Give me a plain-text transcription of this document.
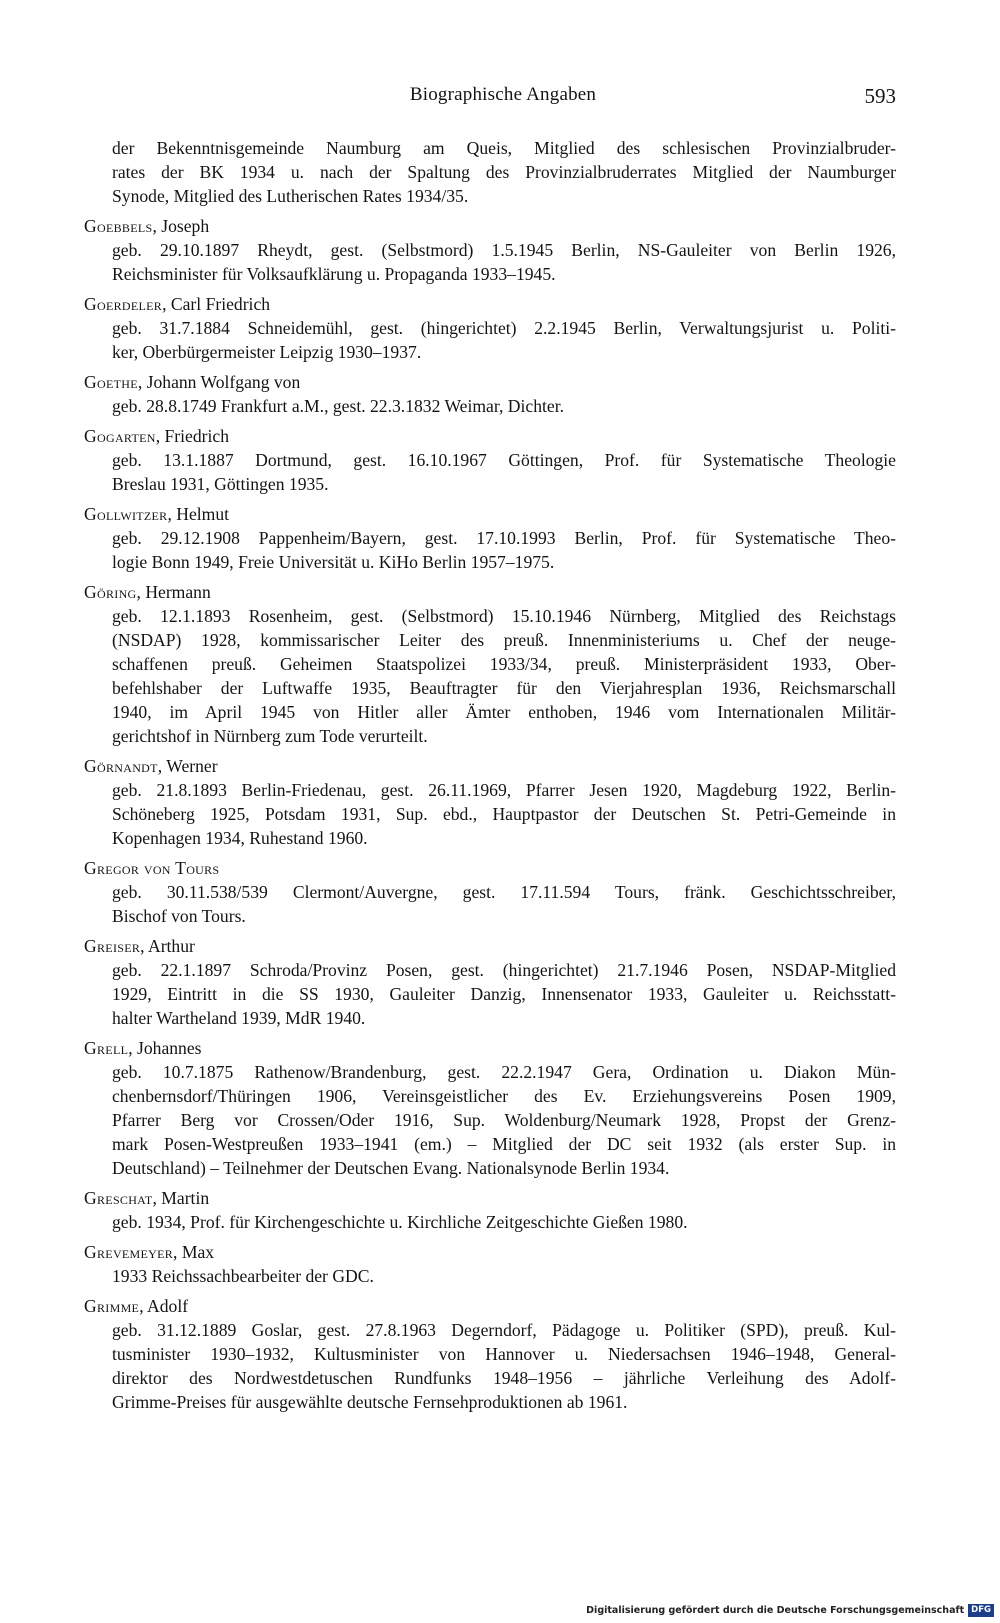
Biographische Angaben	593
der Bekenntnisgemeinde Naumburg am Queis, Mitglied des schlesischen Provinzialbruder-
rates der BK 1934 u. nach der Spaltung des Provinzialbruderrates Mitglied der Naumburger
Synode, Mitglied des Lutherischen Rates 1934/35.
Goebbels, Joseph
geb. 29.10.1897 Rheydt, gest. (Selbstmord) 1.5.1945 Berlin, NS-Gauleiter von Berlin 1926,
Reichsminister für Volksaufklärung u. Propaganda 1933–1945.
Goerdeler, Carl Friedrich
geb. 31.7.1884 Schneidemühl, gest. (hingerichtet) 2.2.1945 Berlin, Verwaltungsjurist u. Politi-
ker, Oberbürgermeister Leipzig 1930–1937.
Goethe, Johann Wolfgang von
geb. 28.8.1749 Frankfurt a.M., gest. 22.3.1832 Weimar, Dichter.
Gogarten, Friedrich
geb. 13.1.1887 Dortmund, gest. 16.10.1967 Göttingen, Prof. für Systematische Theologie
Breslau 1931, Göttingen 1935.
Gollwitzer, Helmut
geb. 29.12.1908 Pappenheim/Bayern, gest. 17.10.1993 Berlin, Prof. für Systematische Theo-
logie Bonn 1949, Freie Universität u. KiHo Berlin 1957–1975.
Göring, Hermann
geb. 12.1.1893 Rosenheim, gest. (Selbstmord) 15.10.1946 Nürnberg, Mitglied des Reichstags
(NSDAP) 1928, kommissarischer Leiter des preuß. Innenministeriums u. Chef der neuge-
schaffenen preuß. Geheimen Staatspolizei 1933/34, preuß. Ministerpräsident 1933, Ober-
befehlshaber der Luftwaffe 1935, Beauftragter für den Vierjahresplan 1936, Reichsmarschall
1940, im April 1945 von Hitler aller Ämter enthoben, 1946 vom Internationalen Militär-
gerichtshof in Nürnberg zum Tode verurteilt.
Görnandt, Werner
geb. 21.8.1893 Berlin-Friedenau, gest. 26.11.1969, Pfarrer Jesen 1920, Magdeburg 1922, Berlin-
Schöneberg 1925, Potsdam 1931, Sup. ebd., Hauptpastor der Deutschen St. Petri-Gemeinde in
Kopenhagen 1934, Ruhestand 1960.
Gregor von Tours
geb. 30.11.538/539 Clermont/Auvergne, gest. 17.11.594 Tours, fränk. Geschichtsschreiber,
Bischof von Tours.
Greiser, Arthur
geb. 22.1.1897 Schroda/Provinz Posen, gest. (hingerichtet) 21.7.1946 Posen, NSDAP-Mitglied
1929, Eintritt in die SS 1930, Gauleiter Danzig, Innensenator 1933, Gauleiter u. Reichsstatt-
halter Wartheland 1939, MdR 1940.
Grell, Johannes
geb. 10.7.1875 Rathenow/Brandenburg, gest. 22.2.1947 Gera, Ordination u. Diakon Mün-
chenbernsdorf/Thüringen 1906, Vereinsgeistlicher des Ev. Erziehungsvereins Posen 1909,
Pfarrer Berg vor Crossen/Oder 1916, Sup. Woldenburg/Neumark 1928, Propst der Grenz-
mark Posen-Westpreußen 1933–1941 (em.) – Mitglied der DC seit 1932 (als erster Sup. in
Deutschland) – Teilnehmer der Deutschen Evang. Nationalsynode Berlin 1934.
Greschat, Martin
geb. 1934, Prof. für Kirchengeschichte u. Kirchliche Zeitgeschichte Gießen 1980.
Grevemeyer, Max
1933 Reichssachbearbeiter der GDC.
Grimme, Adolf
geb. 31.12.1889 Goslar, gest. 27.8.1963 Degerndorf, Pädagoge u. Politiker (SPD), preuß. Kul-
tusminister 1930–1932, Kultusminister von Hannover u. Niedersachsen 1946–1948, General-
direktor des Nordwestdetuschen Rundfunks 1948–1956 – jährliche Verleihung des Adolf-
Grimme-Preises für ausgewählte deutsche Fernsehproduktionen ab 1961.
Digitalisierung gefördert durch die Deutsche Forschungsgemeinschaft DFG
